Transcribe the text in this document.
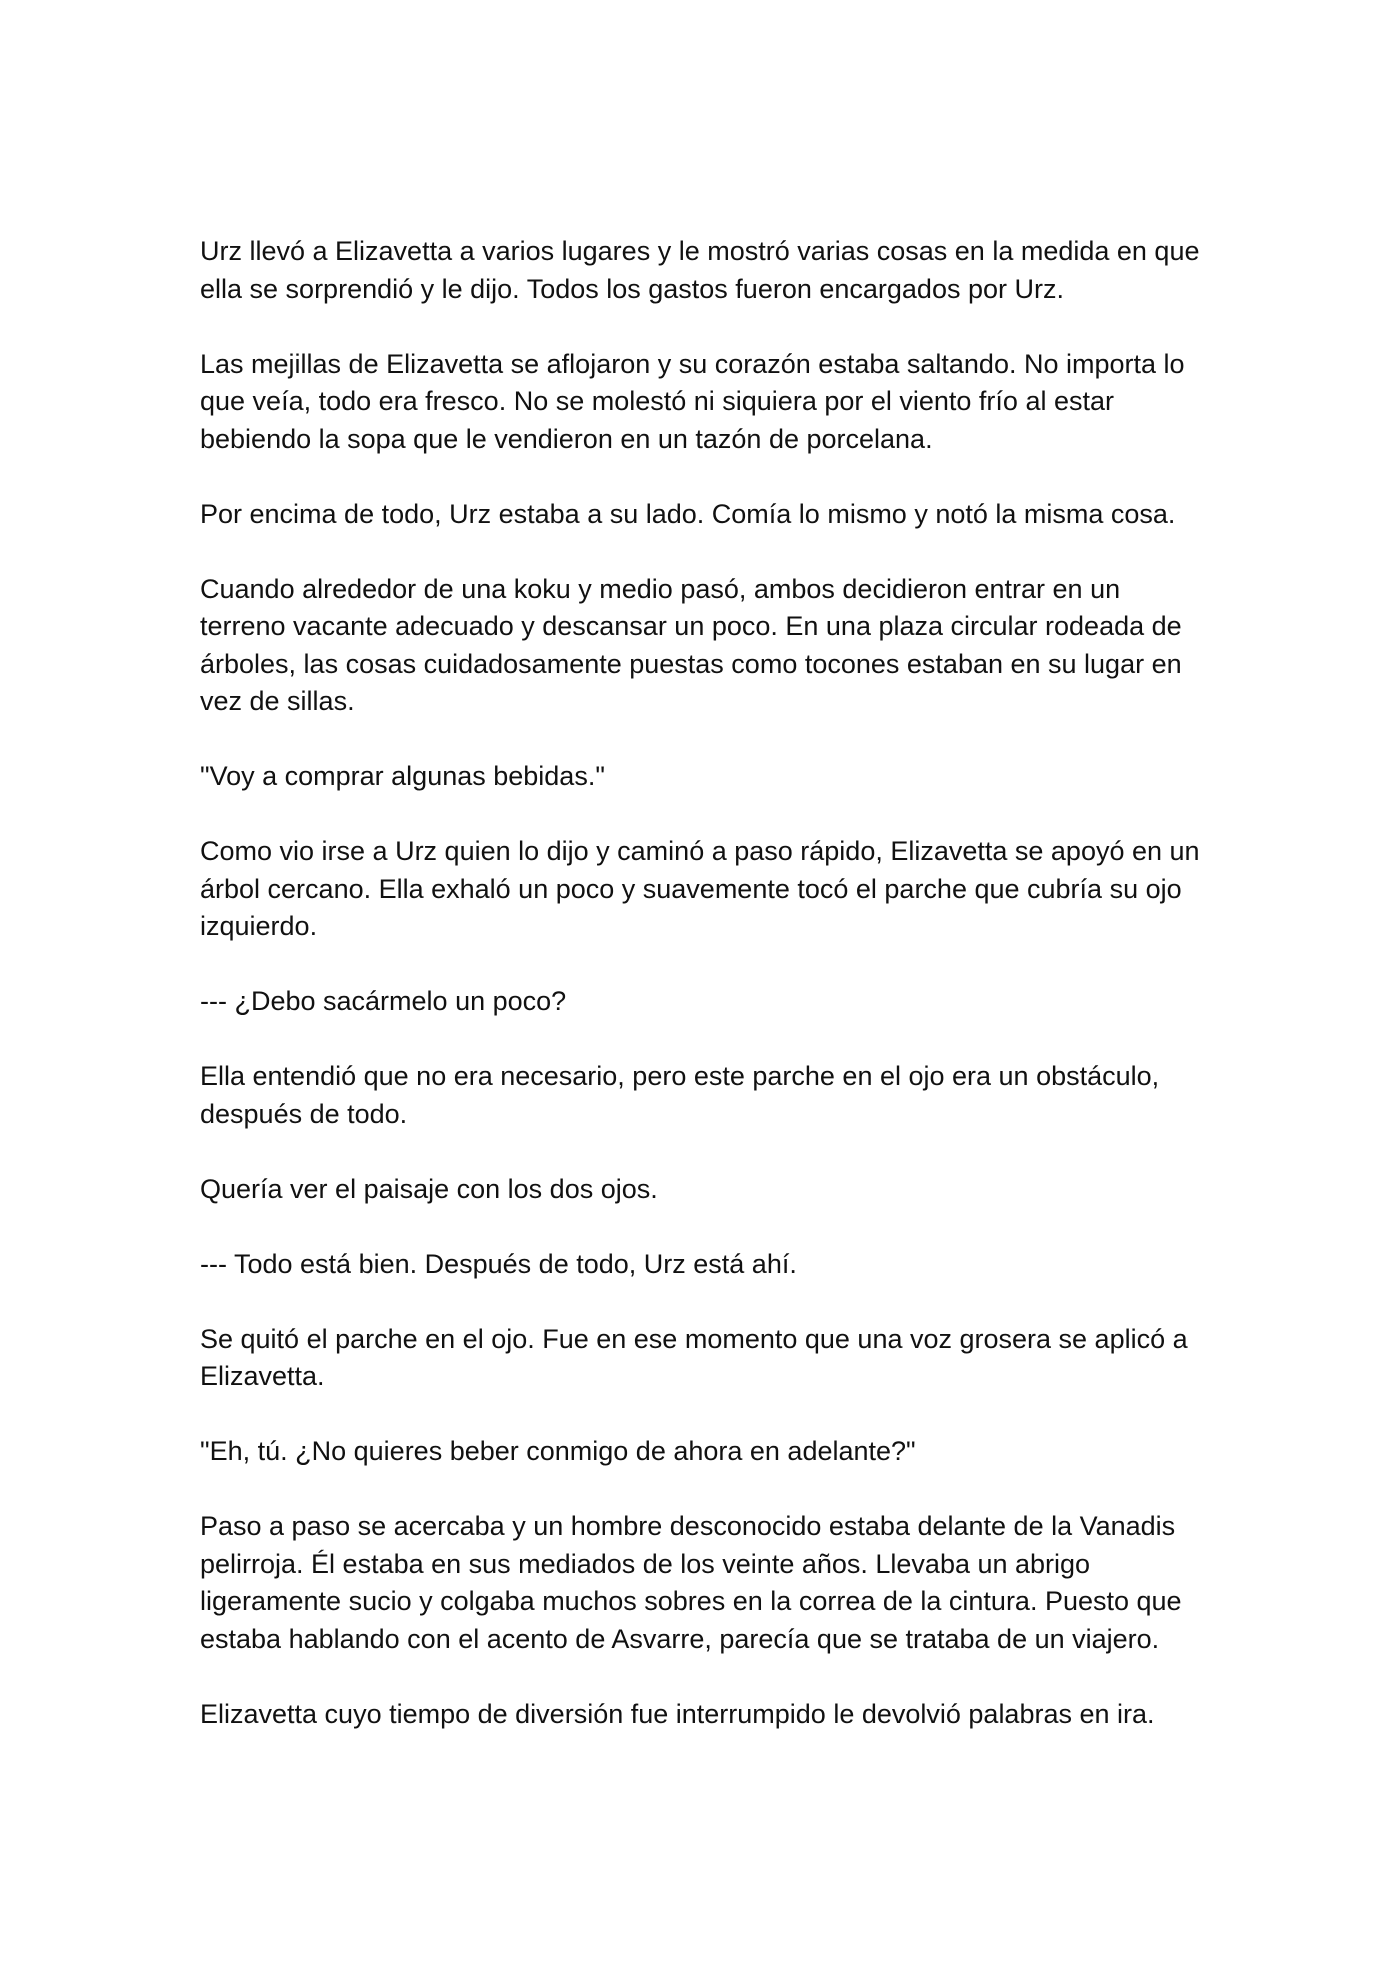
Urz llevó a Elizavetta a varios lugares y le mostró varias cosas en la medida en que ella se sorprendió y le dijo. Todos los gastos fueron encargados por Urz.

Las mejillas de Elizavetta se aflojaron y su corazón estaba saltando. No importa lo que veía, todo era fresco. No se molestó ni siquiera por el viento frío al estar bebiendo la sopa que le vendieron en un tazón de porcelana.

Por encima de todo, Urz estaba a su lado. Comía lo mismo y notó la misma cosa.

Cuando alrededor de una koku y medio pasó, ambos decidieron entrar en un terreno vacante adecuado y descansar un poco. En una plaza circular rodeada de árboles, las cosas cuidadosamente puestas como tocones estaban en su lugar en vez de sillas.

"Voy a comprar algunas bebidas."

Como vio irse a Urz quien lo dijo y caminó a paso rápido, Elizavetta se apoyó en un árbol cercano. Ella exhaló un poco y suavemente tocó el parche que cubría su ojo izquierdo.

--- ¿Debo sacármelo un poco?

Ella entendió que no era necesario, pero este parche en el ojo era un obstáculo, después de todo.

Quería ver el paisaje con los dos ojos.

--- Todo está bien. Después de todo, Urz está ahí.

Se quitó el parche en el ojo. Fue en ese momento que una voz grosera se aplicó a Elizavetta.

"Eh, tú. ¿No quieres beber conmigo de ahora en adelante?"

Paso a paso se acercaba y un hombre desconocido estaba delante de la Vanadis pelirroja. Él estaba en sus mediados de los veinte años. Llevaba un abrigo ligeramente sucio y colgaba muchos sobres en la correa de la cintura. Puesto que estaba hablando con el acento de Asvarre, parecía que se trataba de un viajero.

Elizavetta cuyo tiempo de diversión fue interrumpido le devolvió palabras en ira.
